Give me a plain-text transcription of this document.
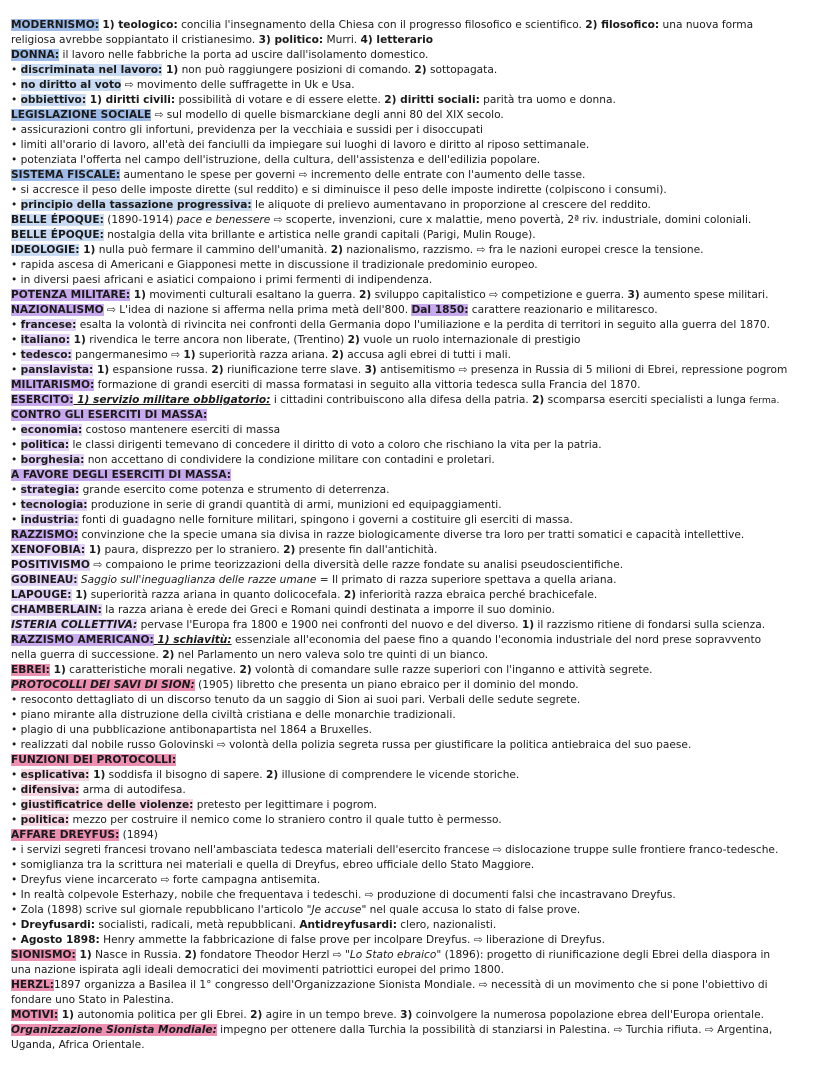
MODERNISMO: 1) teologico: concilia l'insegnamento della Chiesa con il progresso filosofico e scientifico. 2) filosofico: una nuova forma

religiosa avrebbe soppiantato il cristianesimo. 3) politico: Murri. 4) letterario

DONNA: il lavoro nelle fabbriche la porta ad uscire dall'isolamento domestico.

• discriminata nel lavoro: 1) non può raggiungere posizioni di comando. 2) sottopagata.

• no diritto al voto ⇨ movimento delle suffragette in Uk e Usa.

• obbiettivo: 1) diritti civili: possibilità di votare e di essere elette. 2) diritti sociali: parità tra uomo e donna.

LEGISLAZIONE SOCIALE ⇨ sul modello di quelle bismarckiane degli anni 80 del XIX secolo.

• assicurazioni contro gli infortuni, previdenza per la vecchiaia e sussidi per i disoccupati

• limiti all'orario di lavoro, all'età dei fanciulli da impiegare sui luoghi di lavoro e diritto al riposo settimanale.

• potenziata l'offerta nel campo dell'istruzione, della cultura, dell'assistenza e dell'edilizia popolare.

SISTEMA FISCALE: aumentano le spese per governi ⇨ incremento delle entrate con l'aumento delle tasse.

• si accresce il peso delle imposte dirette (sul reddito) e si diminuisce il peso delle imposte indirette (colpiscono i consumi).

• principio della tassazione progressiva: le aliquote di prelievo aumentavano in proporzione al crescere del reddito.

BELLE ÉPOQUE: (1890-1914) pace e benessere ⇨ scoperte, invenzioni, cure x malattie, meno povertà, 2ª riv. industriale, domini coloniali.

BELLE ÉPOQUE: nostalgia della vita brillante e artistica nelle grandi capitali (Parigi, Mulin Rouge).

IDEOLOGIE: 1) nulla può fermare il cammino dell'umanità. 2) nazionalismo, razzismo. ⇨ fra le nazioni europei cresce la tensione.

• rapida ascesa di Americani e Giapponesi mette in discussione il tradizionale predominio europeo.

• in diversi paesi africani e asiatici compaiono i primi fermenti di indipendenza.

POTENZA MILITARE: 1) movimenti culturali esaltano la guerra. 2) sviluppo capitalistico ⇨ competizione e guerra. 3) aumento spese militari.

NAZIONALISMO ⇨ L'idea di nazione si afferma nella prima metà dell'800. Dal 1850: carattere reazionario e militaresco.

• francese: esalta la volontà di rivincita nei confronti della Germania dopo l'umiliazione e la perdita di territori in seguito alla guerra del 1870.

• italiano: 1) rivendica le terre ancora non liberate, (Trentino) 2) vuole un ruolo internazionale di prestigio

• tedesco: pangermanesimo ⇨ 1) superiorità razza ariana. 2) accusa agli ebrei di tutti i mali.

• panslavista: 1) espansione russa. 2) riunificazione terre slave. 3) antisemitismo ⇨ presenza in Russia di 5 milioni di Ebrei, repressione pogrom

MILITARISMO: formazione di grandi eserciti di massa formatasi in seguito alla vittoria tedesca sulla Francia del 1870.

ESERCITO: 1) servizio militare obbligatorio: i cittadini contribuiscono alla difesa della patria. 2) scomparsa eserciti specialisti a lunga ferma.

CONTRO GLI ESERCITI DI MASSA:

• economia: costoso mantenere eserciti di massa

• politica: le classi dirigenti temevano di concedere il diritto di voto a coloro che rischiano la vita per la patria.

• borghesia: non accettano di condividere la condizione militare con contadini e proletari.

A FAVORE DEGLI ESERCITI DI MASSA:

• strategia: grande esercito come potenza e strumento di deterrenza.

• tecnologia: produzione in serie di grandi quantità di armi, munizioni ed equipaggiamenti.

• industria: fonti di guadagno nelle forniture militari, spingono i governi a costituire gli eserciti di massa.

RAZZISMO: convinzione che la specie umana sia divisa in razze biologicamente diverse tra loro per tratti somatici e capacità intellettive.

XENOFOBIA: 1) paura, disprezzo per lo straniero. 2) presente fin dall'antichità.

POSITIVISMO ⇨ compaiono le prime teorizzazioni della diversità delle razze fondate su analisi pseudoscientifiche.

GOBINEAU: Saggio sull'ineguaglianza delle razze umane = Il primato di razza superiore spettava a quella ariana.

LAPOUGE: 1) superiorità razza ariana in quanto dolicocefala. 2) inferiorità razza ebraica perché brachicefale.

CHAMBERLAIN: la razza ariana è erede dei Greci e Romani quindi destinata a imporre il suo dominio.

ISTERIA COLLETTIVA: pervase l'Europa fra 1800 e 1900 nei confronti del nuovo e del diverso. 1) il razzismo ritiene di fondarsi sulla scienza.

RAZZISMO AMERICANO: 1) schiavitù: essenziale all'economia del paese fino a quando l'economia industriale del nord prese sopravvento

nella guerra di successione. 2) nel Parlamento un nero valeva solo tre quinti di un bianco.

EBREI: 1) caratteristiche morali negative. 2) volontà di comandare sulle razze superiori con l'inganno e attività segrete.

PROTOCOLLI DEI SAVI DI SION: (1905) libretto che presenta un piano ebraico per il dominio del mondo.

• resoconto dettagliato di un discorso tenuto da un saggio di Sion ai suoi pari. Verbali delle sedute segrete.

• piano mirante alla distruzione della civiltà cristiana e delle monarchie tradizionali.

• plagio di una pubblicazione antibonapartista nel 1864 a Bruxelles.

• realizzati dal nobile russo Golovinski ⇨ volontà della polizia segreta russa per giustificare la politica antiebraica del suo paese.

FUNZIONI DEI PROTOCOLLI:

• esplicativa: 1) soddisfa il bisogno di sapere. 2) illusione di comprendere le vicende storiche.

• difensiva: arma di autodifesa.

• giustificatrice delle violenze: pretesto per legittimare i pogrom.

• politica: mezzo per costruire il nemico come lo straniero contro il quale tutto è permesso.

AFFARE DREYFUS: (1894)

• i servizi segreti francesi trovano nell'ambasciata tedesca materiali dell'esercito francese ⇨ dislocazione truppe sulle frontiere franco-tedesche.

• somiglianza tra la scrittura nei materiali e quella di Dreyfus, ebreo ufficiale dello Stato Maggiore.

• Dreyfus viene incarcerato ⇨ forte campagna antisemita.

• In realtà colpevole Esterhazy, nobile che frequentava i tedeschi. ⇨ produzione di documenti falsi che incastravano Dreyfus.

• Zola (1898) scrive sul giornale repubblicano l'articolo "Je accuse" nel quale accusa lo stato di false prove.

• Dreyfusardi: socialisti, radicali, metà repubblicani. Antidreyfusardi: clero, nazionalisti.

• Agosto 1898: Henry ammette la fabbricazione di false prove per incolpare Dreyfus. ⇨ liberazione di Dreyfus.

SIONISMO: 1) Nasce in Russia. 2) fondatore Theodor Herzl ⇨ "Lo Stato ebraico" (1896): progetto di riunificazione degli Ebrei della diaspora in

una nazione ispirata agli ideali democratici dei movimenti patriottici europei del primo 1800.

HERZL:1897 organizza a Basilea il 1° congresso dell'Organizzazione Sionista Mondiale. ⇨ necessità di un movimento che si pone l'obiettivo di

fondare uno Stato in Palestina.

MOTIVI: 1) autonomia politica per gli Ebrei. 2) agire in un tempo breve. 3) coinvolgere la numerosa popolazione ebrea dell'Europa orientale.

Organizzazione Sionista Mondiale: impegno per ottenere dalla Turchia la possibilità di stanziarsi in Palestina. ⇨ Turchia rifiuta. ⇨ Argentina,

Uganda, Africa Orientale.
